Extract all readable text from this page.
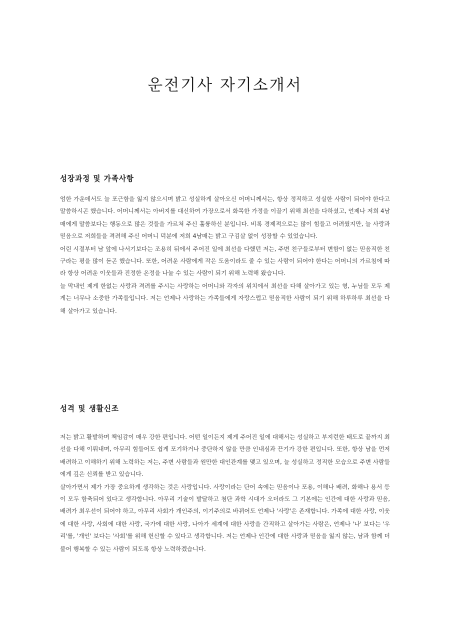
운전기사 자기소개서
성장과정 및 가족사항

엄한 가운데서도 늘 포근함을 잃지 않으시며 밝고 성실하게 살아오신 어머니께서는, 항상 정직하고 성실한 사람이 되어야 한다고 말씀하시곤 했습니다. 어머니께서는 아버지를 대신하여 가장으로서 화목한 가정을 이끌기 위해 최선을 다하셨고, 언제나 저희 4남매에게 말씀보다는 행동으로 많은 것들을 가르쳐 주신 훌륭하신 분입니다. 비록 경제적으로는 많이 힘들고 어려웠지만, 늘 사랑과 믿음으로 저희들을 격려해 주신 어머니 덕분에 저희 4남매는 밝고 구김살 없이 성장할 수 있었습니다.

어린 시절부터 남 앞에 나서기보다는 조용히 뒤에서 주어진 일에 최선을 다했던 저는, 주변 친구들로부터 변함이 없는 믿음직한 친구라는 평을 많이 듣곤 했습니다. 또한, 어려운 사람에게 작은 도움이라도 줄 수 있는 사람이 되어야 한다는 어머니의 가르침에 따라 항상 어려운 이웃들과 진정한 온정을 나눌 수 있는 사람이 되기 위해 노력해 왔습니다.

늘 막내인 제게 한없는 사랑과 격려를 주시는 사랑하는 어머니와 각자의 위치에서 최선을 다해 살아가고 있는 형, 누님들 모두 제게는 너무나 소중한 가족들입니다. 저는 언제나 사랑하는 가족들에게 자랑스럽고 믿음직한 사람이 되기 위해 하루하루 최선을 다해 살아가고 있습니다.

성격 및 생활신조

저는 밝고 활발하며 책임감이 매우 강한 편입니다. 어떤 일이든지 제게 주어진 일에 대해서는 성실하고 부지런한 태도로 끝까지 최선을 다해 이뤄내며, 아무리 힘들어도 쉽게 포기하거나 중단하지 않을 만큼 인내심과 끈기가 강한 편입니다. 또한, 항상 남을 먼저 배려하고 이해하기 위해 노력하는 저는, 주변 사람들과 원만한 대인관계를 맺고 있으며, 늘 성실하고 정직한 모습으로 주변 사람들에게 깊은 신뢰를 받고 있습니다.

살아가면서 제가 가장 중요하게 생각하는 것은 사랑입니다. 사랑이라는 단어 속에는 믿음이나 포용, 이해나 배려, 화해나 용서 등이 모두 함축되어 있다고 생각합니다. 아무리 기술이 발달하고 첨단 과학 시대가 오더라도 그 기본에는 인간에 대한 사랑과 믿음, 배려가 최우선이 되어야 하고, 아무리 사회가 개인주의, 이기주의로 바뀌어도 언제나 '사랑'은 존재합니다. 가족에 대한 사랑, 이웃에 대한 사랑, 사회에 대한 사랑, 국가에 대한 사랑, 나아가 세계에 대한 사랑을 간직하고 살아가는 사람은, 언제나 '나' 보다는 '우리'를, '개인' 보다는 '사회'를 위해 헌신할 수 있다고 생각합니다. 저는 언제나 인간에 대한 사랑과 믿음을 잃지 않는, 남과 함께 더불어 행복할 수 있는 사람이 되도록 항상 노력하겠습니다.
